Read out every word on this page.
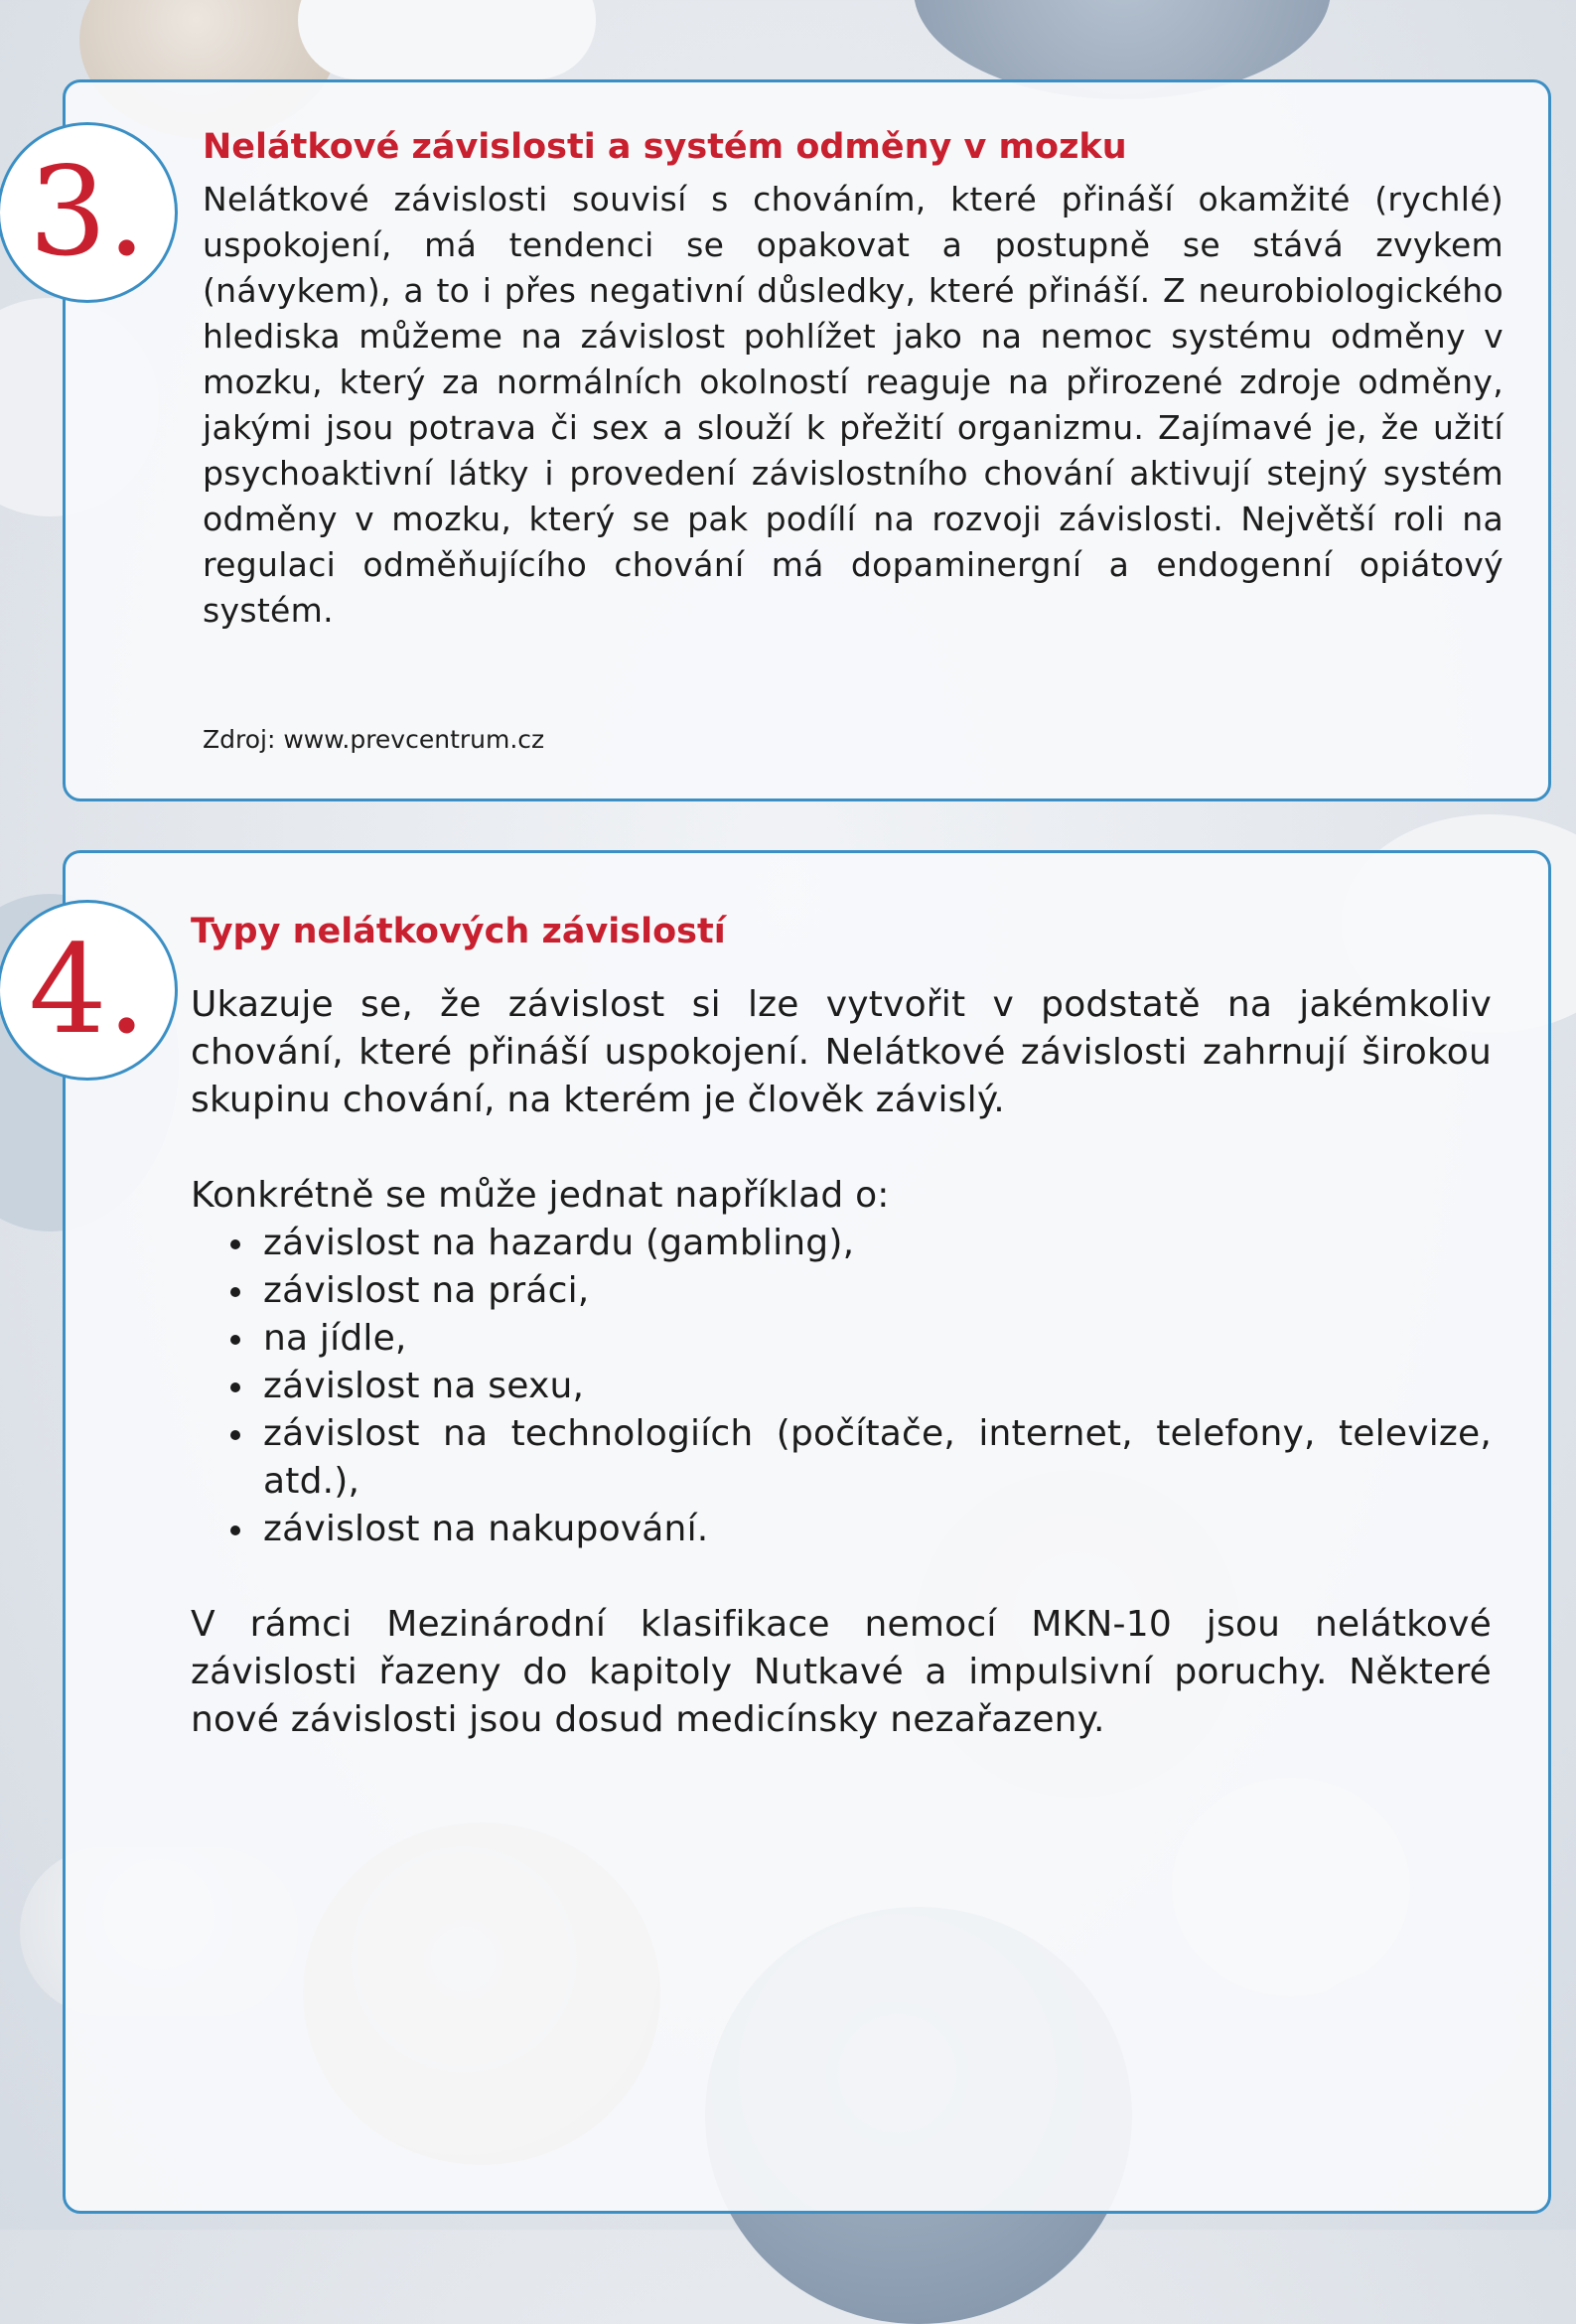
3. Nelátkové závislosti a systém odměny v mozku

Nelátkové závislosti souvisí s chováním, které přináší okamžité (rychlé) uspokojení, má tendenci se opakovat a postupně se stává zvykem (návykem), a to i přes negativní důsledky, které přináší. Z neurobiologického hlediska můžeme na závislost pohlížet jako na nemoc systému odměny v mozku, který za normálních okolností reaguje na přirozené zdroje odměny, jakými jsou potrava či sex a slouží k přežití organizmu. Zajímavé je, že užití psychoaktivní látky i provedení závislostního chování aktivují stejný systém odměny v mozku, který se pak podílí na rozvoji závislosti. Největší roli na regulaci odměňujícího chování má dopaminergní a endogenní opiátový systém.

Zdroj: www.prevcentrum.cz

4. Typy nelátkových závislostí

Ukazuje se, že závislost si lze vytvořit v podstatě na jakémkoliv chování, které přináší uspokojení. Nelátkové závislosti zahrnují širokou skupinu chování, na kterém je člověk závislý.

Konkrétně se může jednat například o:

závislost na hazardu (gambling),
závislost na práci,
na jídle,
závislost na sexu,
závislost na technologiích (počítače, internet, telefony, televize, atd.),
závislost na nakupování.

V rámci Mezinárodní klasifikace nemocí MKN-10 jsou nelátkové závislosti řazeny do kapitoly Nutkavé a impulsivní poruchy. Některé nové závislosti jsou dosud medicínsky nezařazeny.
